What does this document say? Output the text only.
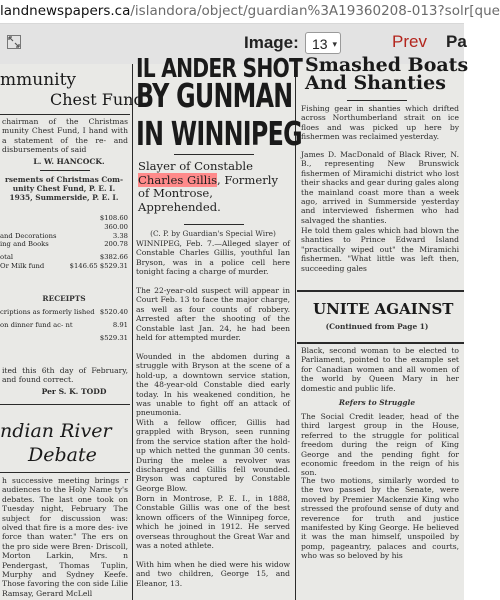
landnewspapers.ca/islandora/object/guardian%3A19360208-013?solr[que
Image: 13 ▾	Prev Pa
mmunity
Chest Fund
chairman of the Christmas munity Chest Fund, I hand with a statement of the re- and disbursements of said
L. W. HANCOCK.
rsements of Christmas Com- unity Chest Fund, P. E. I. 1935, Summerside, P. E. I.
$108.60
360.00
and Decorations	3.38
ing and Books	200.78
otal	$382.66
Or Milk fund	$146.65 $529.31
RECEIPTS
criptions as formerly lished $520.40
on dinner fund ac- nt	8.91
$529.31
ited this 6th day of February, and found correct.
Per S. K. TODD
ndian River
Debate
h successive meeting brings r audiences to the Holy Name ty's debates. The last one took on Tuesday night, February The subject for discussion was: olved that fire is a more des- ive force than water." The ers on the pro side were Bren- Driscoll, Morton Larkin, Mrs. n Pendergast, Thomas Tuplin, Murphy and Sydney Keefe. Those favoring the con side Lilie Ramsay, Gerard McLell
IL ANDER SHOT
BY GUNMAN
IN WINNIPEG
Slayer of Constable
Charles Gillis, Formerly of Montrose, Apprehended.
(C. P. by Guardian's Special Wire)
WINNIPEG, Feb. 7.—Alleged slayer of Constable Charles Gillis, youthful Ian Bryson, was in a police cell here tonight facing a charge of murder.
The 22-year-old suspect will appear in Court Feb. 13 to face the major charge, as well as four counts of robbery. Arrested after the shooting of the Constable last Jan. 24, he had been held for attempted murder.
Wounded in the abdomen during a struggle with Bryson at the scene of a hold-up, a downtown service station, the 48-year-old Constable died early today. In his weakened condition, he was unable to fight off an attack of pneumonia.
With a fellow officer, Gillis had grappled with Bryson, seen running from the service station after the hold-up which netted the gunman 30 cents. During the melee a revolver was discharged and Gillis fell wounded. Bryson was captured by Constable George Blow.
Born in Montrose, P. E. I., in 1888, Constable Gillis was one of the best known officers of the Winnipeg force, which he joined in 1912. He served overseas throughout the Great War and was a noted athlete.
With him when he died were his widow and two children, George 15, and Eleanor, 13.
Smashed Boats
And Shanties
Fishing gear in shanties which drifted across Northumberland strait on ice floes and was picked up here by fishermen was reclaimed yesterday.
James D. MacDonald of Black River, N. B., representing New Brunswick fishermen of Miramichi district who lost their shacks and gear during gales along the mainland coast more than a week ago, arrived in Summerside yesterday and interviewed fishermen who had salvaged the shanties.
He told them gales which had blown the shanties to Prince Edward Island "practically wiped out" the Miramichi fishermen. "What little was left then, succeeding gales
UNITE AGAINST
(Continued from Page 1)
Black, second woman to be elected to Parliament, pointed to the example set for Canadian women and all women of the world by Queen Mary in her domestic and public life.
Refers to Struggle
The Social Credit leader, head of the third largest group in the House, referred to the struggle for political freedom during the reign of King George and the pending fight for economic freedom in the reign of his son.
The two motions, similarly worded to the two passed by the Senate, were moved by Premier Mackenzie King who stressed the profound sense of duty and reverence for truth and justice manifested by King George. He believed it was the man himself, unspoiled by pomp, pageantry, palaces and courts, who was so beloved by his
